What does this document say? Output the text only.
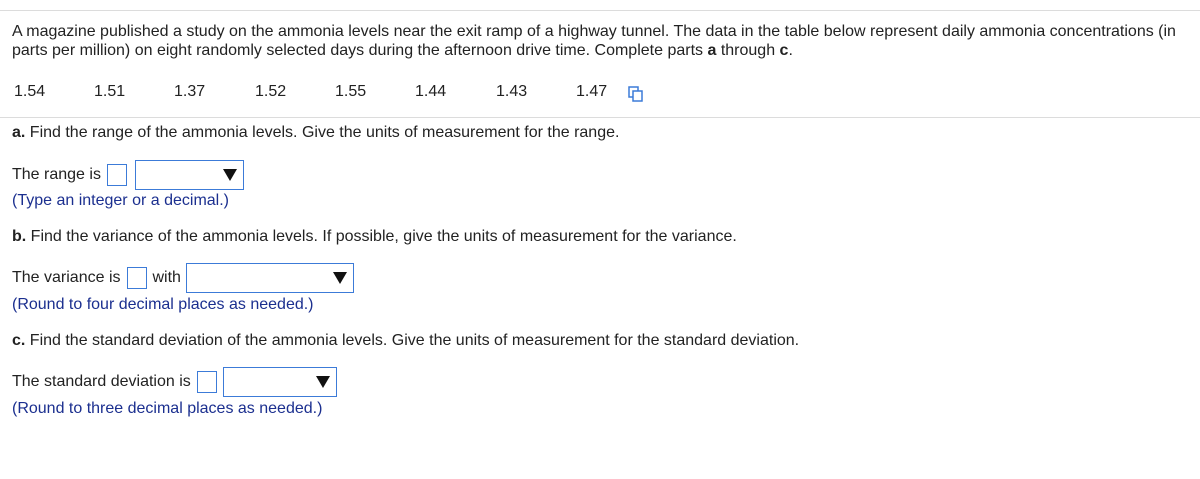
A magazine published a study on the ammonia levels near the exit ramp of a highway tunnel. The data in the table below represent daily ammonia concentrations (in parts per million) on eight randomly selected days during the afternoon drive time. Complete parts a through c.
1.54	1.51	1.37	1.52	1.55	1.44	1.43	1.47
a. Find the range of the ammonia levels. Give the units of measurement for the range.
The range is
(Type an integer or a decimal.)
b. Find the variance of the ammonia levels. If possible, give the units of measurement for the variance.
The variance is with
(Round to four decimal places as needed.)
c. Find the standard deviation of the ammonia levels. Give the units of measurement for the standard deviation.
The standard deviation is
(Round to three decimal places as needed.)
